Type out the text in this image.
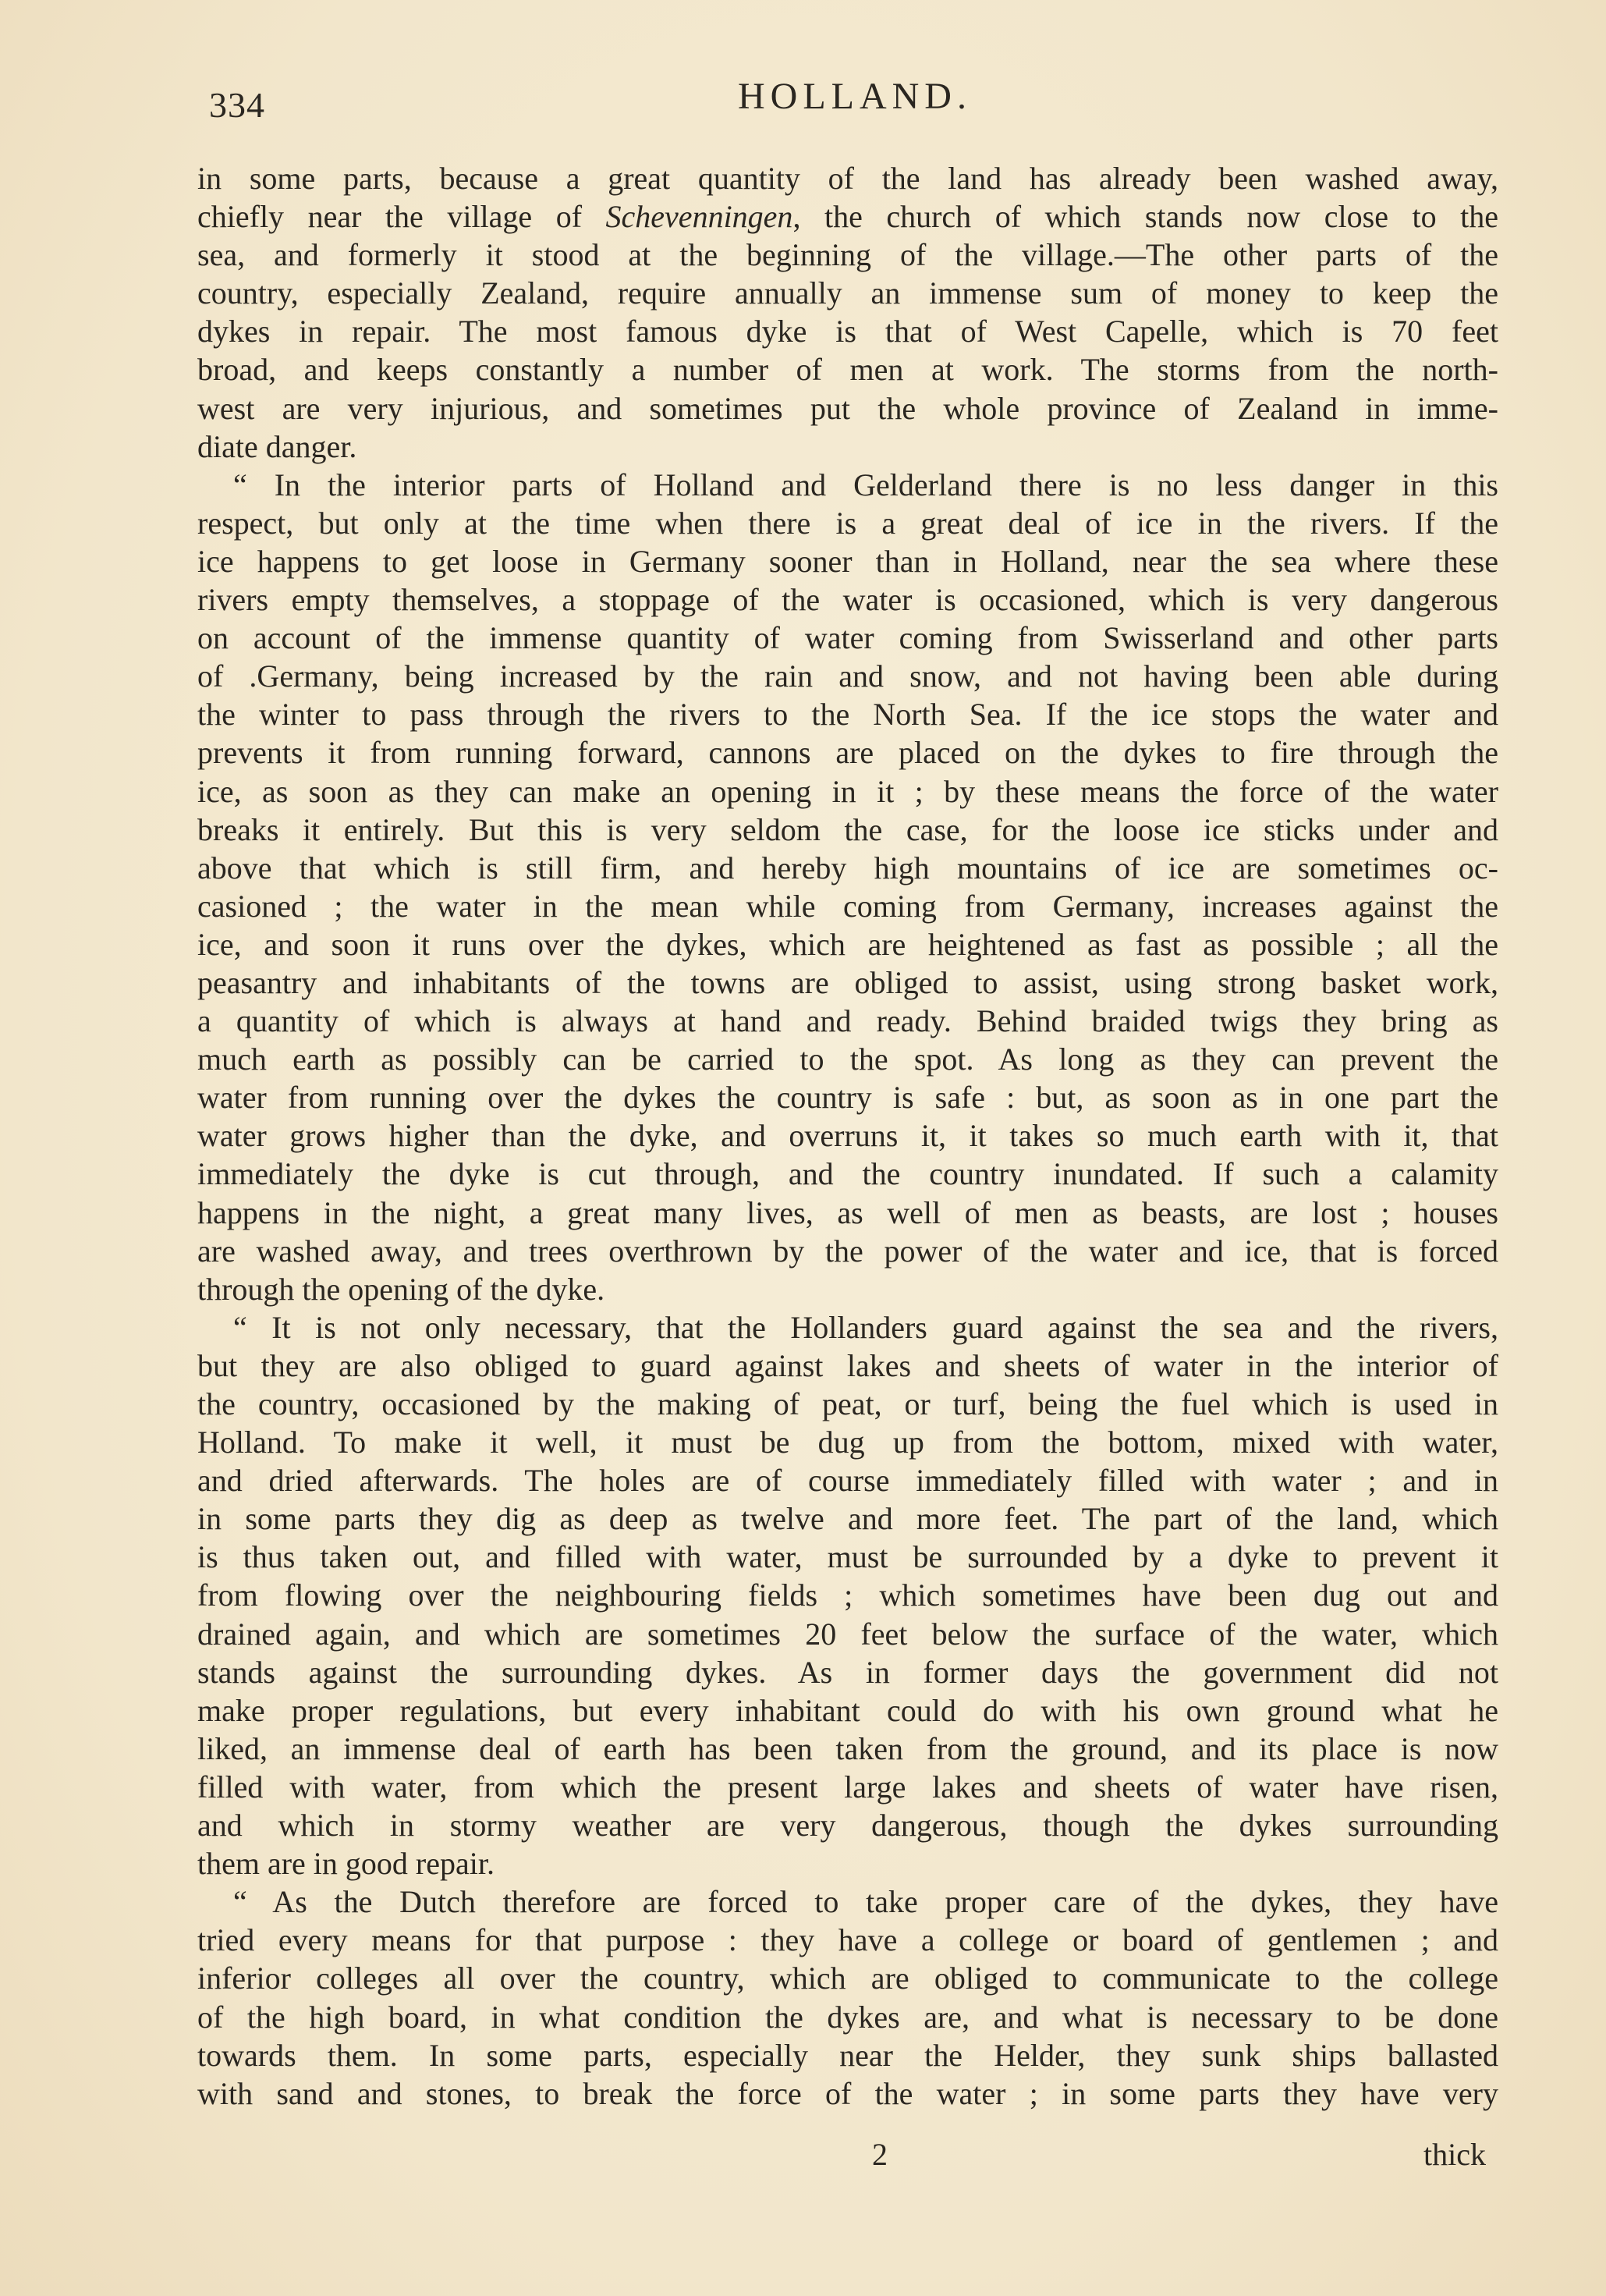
334	HOLLAND.
in some parts, because a great quantity of the land has already been washed away,
chiefly near the village of Schevenningen, the church of which stands now close to the
sea, and formerly it stood at the beginning of the village.—The other parts of the
country, especially Zealand, require annually an immense sum of money to keep the
dykes in repair. The most famous dyke is that of West Capelle, which is 70 feet
broad, and keeps constantly a number of men at work. The storms from the north-
west are very injurious, and sometimes put the whole province of Zealand in imme-
diate danger.
“ In the interior parts of Holland and Gelderland there is no less danger in this
respect, but only at the time when there is a great deal of ice in the rivers. If the
ice happens to get loose in Germany sooner than in Holland, near the sea where these
rivers empty themselves, a stoppage of the water is occasioned, which is very dangerous
on account of the immense quantity of water coming from Swisserland and other parts
of .Germany, being increased by the rain and snow, and not having been able during
the winter to pass through the rivers to the North Sea. If the ice stops the water and
prevents it from running forward, cannons are placed on the dykes to fire through the
ice, as soon as they can make an opening in it ; by these means the force of the water
breaks it entirely. But this is very seldom the case, for the loose ice sticks under and
above that which is still firm, and hereby high mountains of ice are sometimes oc-
casioned ; the water in the mean while coming from Germany, increases against the
ice, and soon it runs over the dykes, which are heightened as fast as possible ; all the
peasantry and inhabitants of the towns are obliged to assist, using strong basket work,
a quantity of which is always at hand and ready. Behind braided twigs they bring as
much earth as possibly can be carried to the spot. As long as they can prevent the
water from running over the dykes the country is safe : but, as soon as in one part the
water grows higher than the dyke, and overruns it, it takes so much earth with it, that
immediately the dyke is cut through, and the country inundated. If such a calamity
happens in the night, a great many lives, as well of men as beasts, are lost ; houses
are washed away, and trees overthrown by the power of the water and ice, that is forced
through the opening of the dyke.
“ It is not only necessary, that the Hollanders guard against the sea and the rivers,
but they are also obliged to guard against lakes and sheets of water in the interior of
the country, occasioned by the making of peat, or turf, being the fuel which is used in
Holland. To make it well, it must be dug up from the bottom, mixed with water,
and dried afterwards. The holes are of course immediately filled with water ; and in
in some parts they dig as deep as twelve and more feet. The part of the land, which
is thus taken out, and filled with water, must be surrounded by a dyke to prevent it
from flowing over the neighbouring fields ; which sometimes have been dug out and
drained again, and which are sometimes 20 feet below the surface of the water, which
stands against the surrounding dykes. As in former days the government did not
make proper regulations, but every inhabitant could do with his own ground what he
liked, an immense deal of earth has been taken from the ground, and its place is now
filled with water, from which the present large lakes and sheets of water have risen,
and which in stormy weather are very dangerous, though the dykes surrounding
them are in good repair.
“ As the Dutch therefore are forced to take proper care of the dykes, they have
tried every means for that purpose : they have a college or board of gentlemen ; and
inferior colleges all over the country, which are obliged to communicate to the college
of the high board, in what condition the dykes are, and what is necessary to be done
towards them. In some parts, especially near the Helder, they sunk ships ballasted
with sand and stones, to break the force of the water ; in some parts they have very
2	thick
